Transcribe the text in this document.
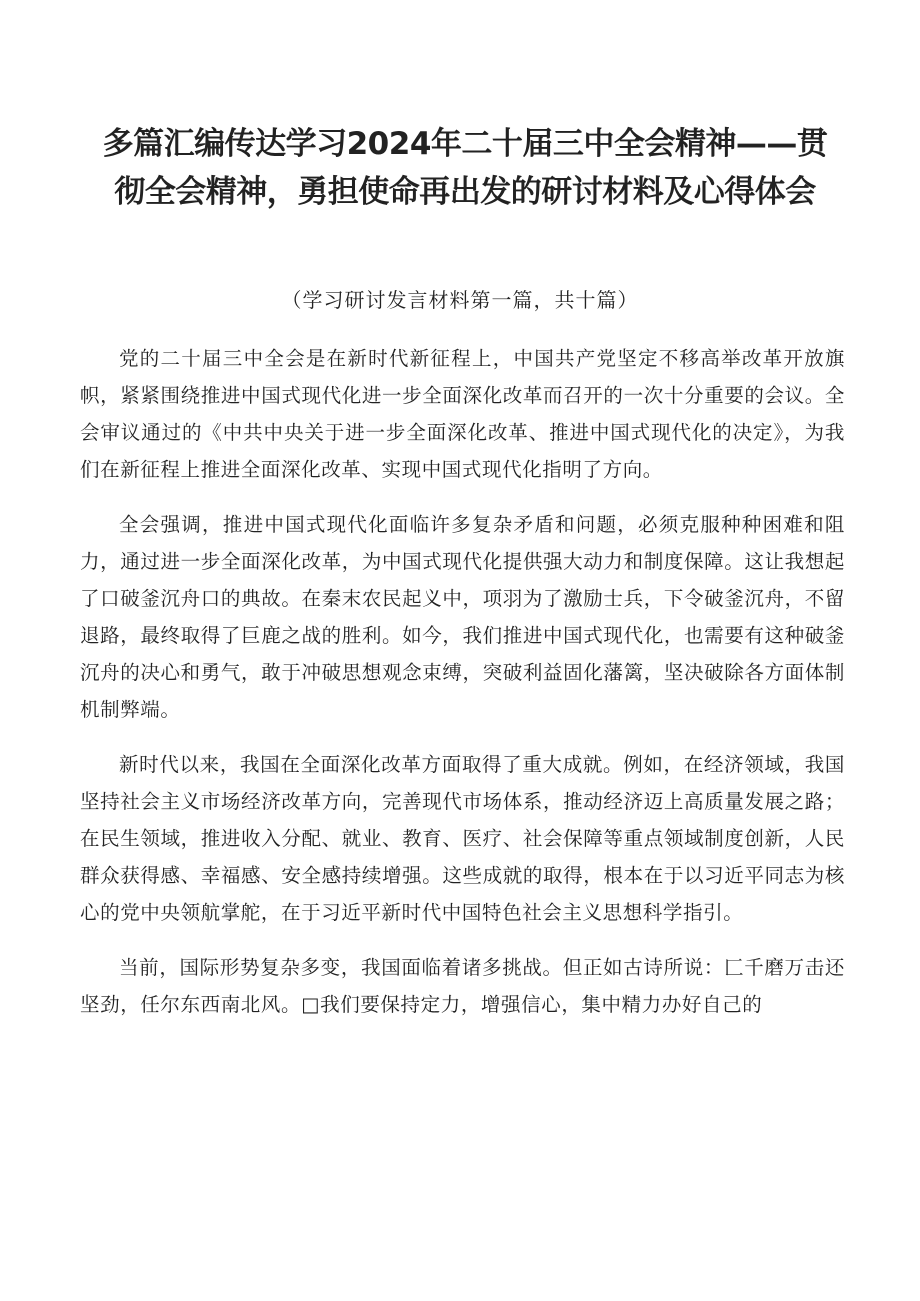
多篇汇编传达学习2024年二十届三中全会精神——贯
彻全会精神，勇担使命再出发的研讨材料及心得体会
（学习研讨发言材料第一篇，共十篇）

党的二十届三中全会是在新时代新征程上，中国共产党坚定不移高举改革开放旗帜，紧紧围绕推进中国式现代化进一步全面深化改革而召开的一次十分重要的会议。全会审议通过的《中共中央关于进一步全面深化改革、推进中国式现代化的决定》，为我们在新征程上推进全面深化改革、实现中国式现代化指明了方向。

全会强调，推进中国式现代化面临许多复杂矛盾和问题，必须克服种种困难和阻力，通过进一步全面深化改革，为中国式现代化提供强大动力和制度保障。这让我想起了口破釜沉舟口的典故。在秦末农民起义中，项羽为了激励士兵，下令破釜沉舟，不留退路，最终取得了巨鹿之战的胜利。如今，我们推进中国式现代化，也需要有这种破釜沉舟的决心和勇气，敢于冲破思想观念束缚，突破利益固化藩篱，坚决破除各方面体制机制弊端。

新时代以来，我国在全面深化改革方面取得了重大成就。例如，在经济领域，我国坚持社会主义市场经济改革方向，完善现代市场体系，推动经济迈上高质量发展之路；在民生领域，推进收入分配、就业、教育、医疗、社会保障等重点领域制度创新，人民群众获得感、幸福感、安全感持续增强。这些成就的取得，根本在于以习近平同志为核心的党中央领航掌舵，在于习近平新时代中国特色社会主义思想科学指引。

当前，国际形势复杂多变，我国面临着诸多挑战。但正如古诗所说：匚千磨万击还坚劲，任尔东西南北风。□我们要保持定力，增强信心，集中精力办好自己的
